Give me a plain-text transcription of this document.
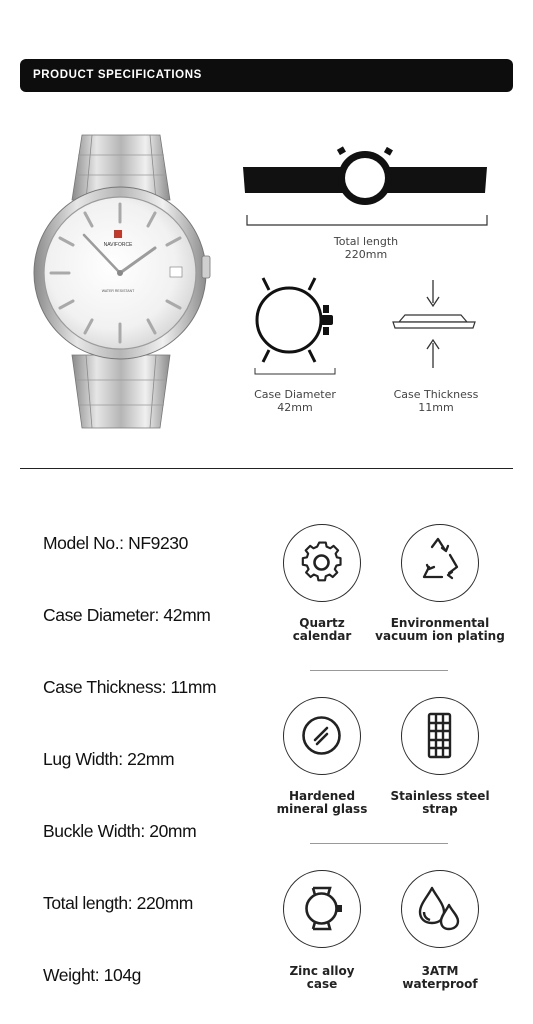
PRODUCT SPECIFICATIONS
NAVIFORCE
WATER RESISTANT
Total length
220mm
Case Diameter
42mm
Case Thickness
11mm
Model No.: NF9230
Case Diameter: 42mm
Case Thickness: 11mm
Lug Width: 22mm
Buckle Width: 20mm
Total length: 220mm
Weight: 104g
Quartz
calendar
Environmental
vacuum ion plating
Hardened
mineral glass
Stainless steel
strap
Zinc alloy
case
3ATM
waterproof
